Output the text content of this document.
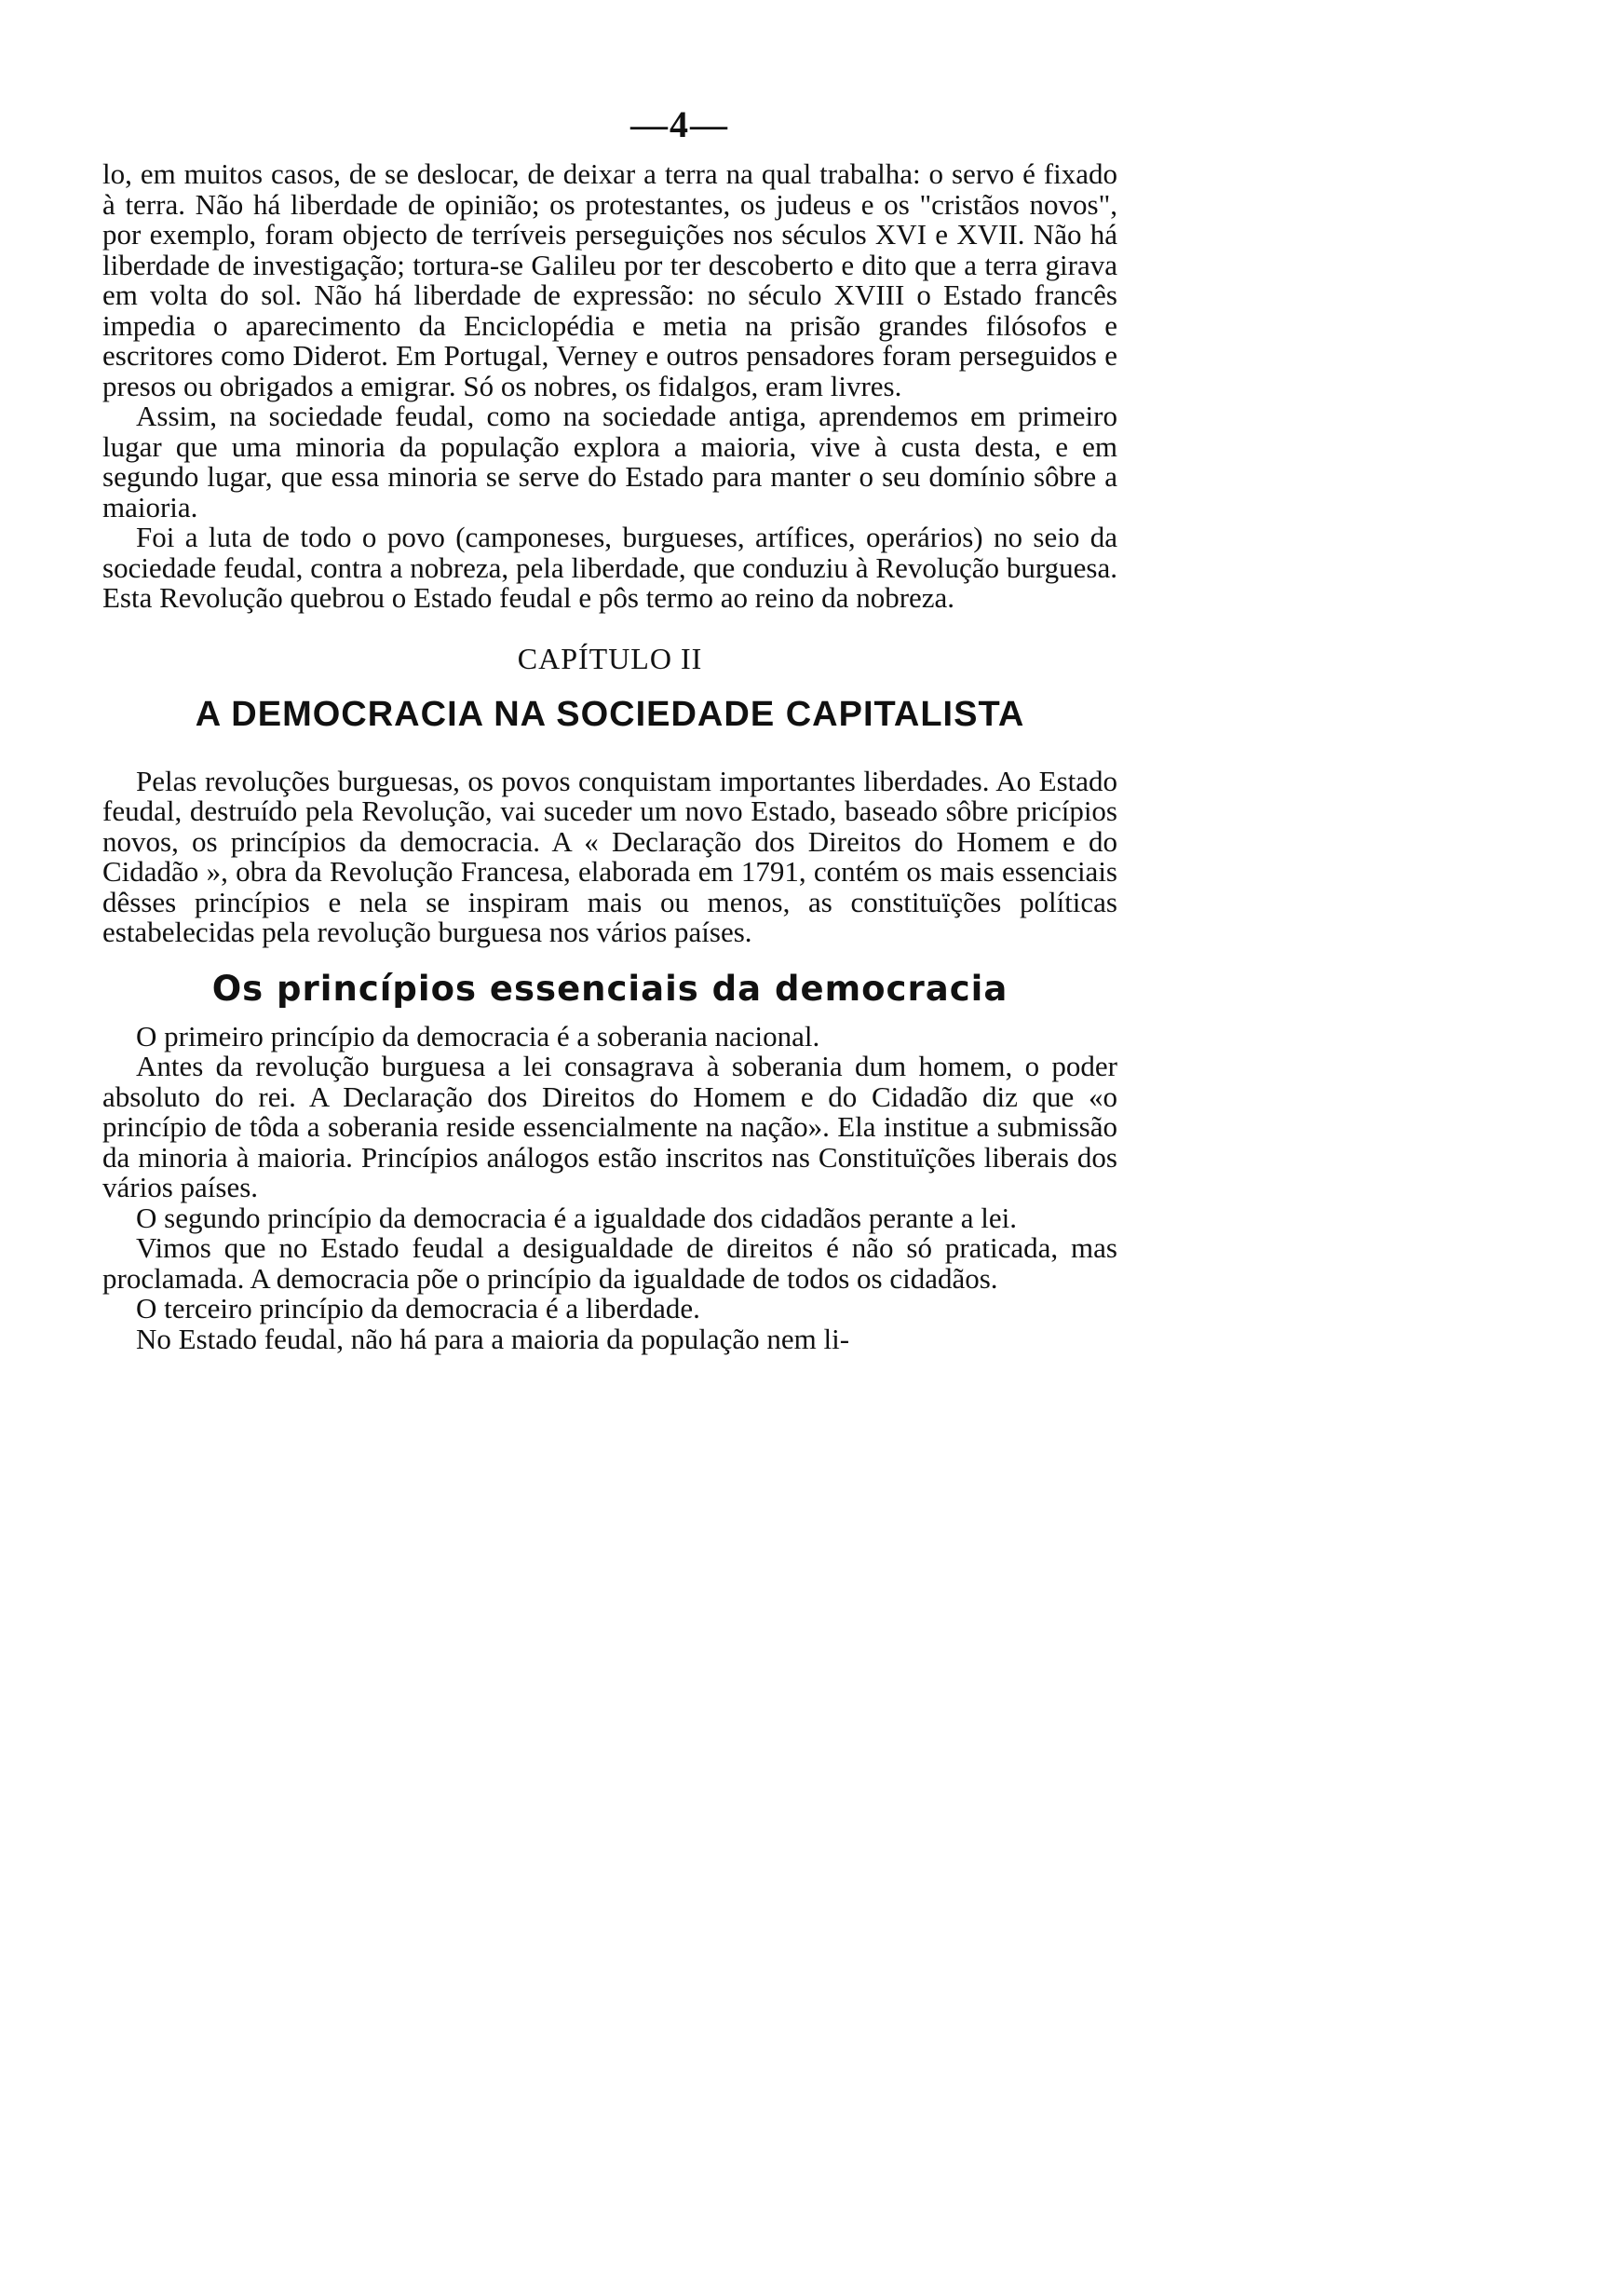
—4—

lo, em muitos casos, de se deslocar, de deixar a terra na qual trabalha: o servo é fixado à terra. Não há liberdade de opinião; os protestantes, os judeus e os "cristãos novos", por exemplo, foram objecto de terríveis perseguições nos séculos XVI e XVII. Não há liberdade de investigação; tortura-se Galileu por ter descoberto e dito que a terra girava em volta do sol. Não há liberdade de expressão: no século XVIII o Estado francês impedia o aparecimento da Enciclopédia e metia na prisão grandes filósofos e escritores como Diderot. Em Portugal, Verney e outros pensadores foram perseguidos e presos ou obrigados a emigrar. Só os nobres, os fidalgos, eram livres.

Assim, na sociedade feudal, como na sociedade antiga, aprendemos em primeiro lugar que uma minoria da população explora a maioria, vive à custa desta, e em segundo lugar, que essa minoria se serve do Estado para manter o seu domínio sôbre a maioria.

Foi a luta de todo o povo (camponeses, burgueses, artífices, operários) no seio da sociedade feudal, contra a nobreza, pela liberdade, que conduziu à Revolução burguesa. Esta Revolução quebrou o Estado feudal e pôs termo ao reino da nobreza.

CAPÍTULO II
A DEMOCRACIA NA SOCIEDADE CAPITALISTA

Pelas revoluções burguesas, os povos conquistam importantes liberdades. Ao Estado feudal, destruído pela Revolução, vai suceder um novo Estado, baseado sôbre pricípios novos, os princípios da democracia. A « Declaração dos Direitos do Homem e do Cidadão », obra da Revolução Francesa, elaborada em 1791, contém os mais essenciais dêsses princípios e nela se inspiram mais ou menos, as constituïções políticas estabelecidas pela revolução burguesa nos vários países.

Os princípios essenciais da democracia

O primeiro princípio da democracia é a soberania nacional.

Antes da revolução burguesa a lei consagrava à soberania dum homem, o poder absoluto do rei. A Declaração dos Direitos do Homem e do Cidadão diz que «o princípio de tôda a soberania reside essencialmente na nação». Ela institue a submissão da minoria à maioria. Princípios análogos estão inscritos nas Constituïções liberais dos vários países.

O segundo princípio da democracia é a igualdade dos cidadãos perante a lei.

Vimos que no Estado feudal a desigualdade de direitos é não só praticada, mas proclamada. A democracia põe o princípio da igualdade de todos os cidadãos.

O terceiro princípio da democracia é a liberdade.

No Estado feudal, não há para a maioria da população nem li-
